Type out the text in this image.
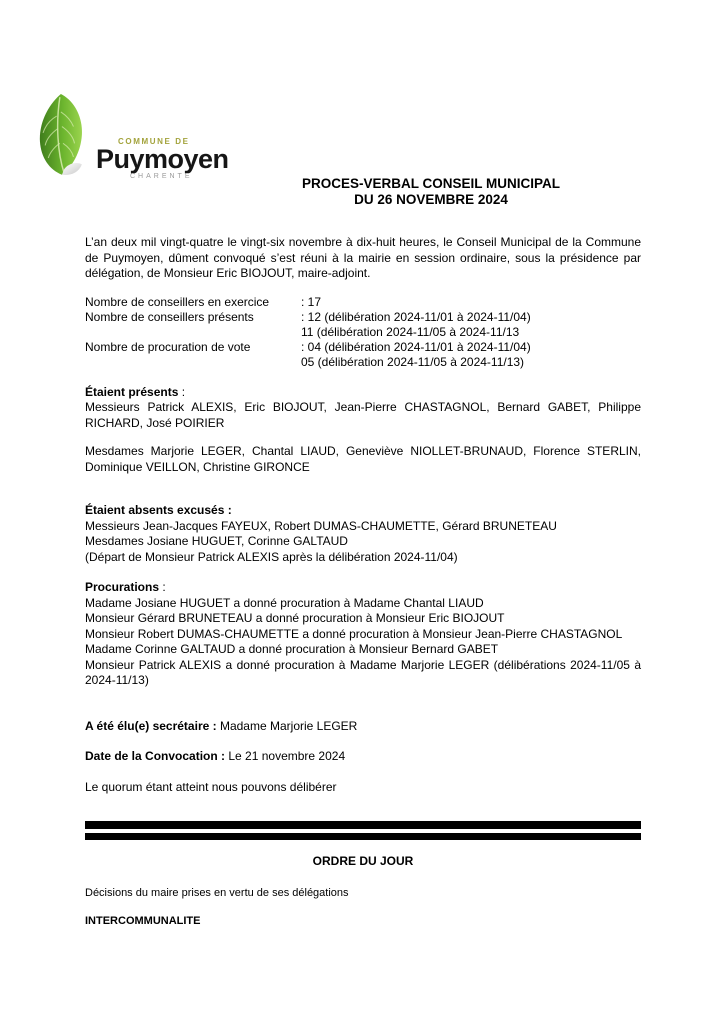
COMMUNE DE
Puymoyen
CHARENTE	PROCES-VERBAL CONSEIL MUNICIPAL
DU 26 NOVEMBRE 2024
L’an deux mil vingt-quatre le vingt-six novembre à dix-huit heures, le Conseil Municipal de la Commune de Puymoyen, dûment convoqué s’est réuni à la mairie en session ordinaire, sous la présidence par délégation, de Monsieur Eric BIOJOUT, maire-adjoint.
Nombre de conseillers en exercice	: 17
Nombre de conseillers présents	: 12 (délibération 2024-11/01 à 2024-11/04)
11 (délibération 2024-11/05 à 2024-11/13
Nombre de procuration de vote	: 04 (délibération 2024-11/01 à 2024-11/04)
05 (délibération 2024-11/05 à 2024-11/13)
Étaient présents :
Messieurs Patrick ALEXIS, Eric BIOJOUT, Jean-Pierre CHASTAGNOL, Bernard GABET, Philippe RICHARD, José POIRIER
Mesdames Marjorie LEGER, Chantal LIAUD, Geneviève NIOLLET-BRUNAUD, Florence STERLIN, Dominique VEILLON, Christine GIRONCE
Étaient absents excusés :
Messieurs Jean-Jacques FAYEUX, Robert DUMAS-CHAUMETTE, Gérard BRUNETEAU
Mesdames Josiane HUGUET, Corinne GALTAUD
(Départ de Monsieur Patrick ALEXIS après la délibération 2024-11/04)
Procurations :
Madame Josiane HUGUET a donné procuration à Madame Chantal LIAUD
Monsieur Gérard BRUNETEAU a donné procuration à Monsieur Eric BIOJOUT
Monsieur Robert DUMAS-CHAUMETTE a donné procuration à Monsieur Jean-Pierre CHASTAGNOL
Madame Corinne GALTAUD a donné procuration à Monsieur Bernard GABET
Monsieur Patrick ALEXIS a donné procuration à Madame Marjorie LEGER (délibérations 2024-11/05 à 2024-11/13)
A été élu(e) secrétaire : Madame Marjorie LEGER
Date de la Convocation : Le 21 novembre 2024
Le quorum étant atteint nous pouvons délibérer
ORDRE DU JOUR
Décisions du maire prises en vertu de ses délégations
INTERCOMMUNALITE
